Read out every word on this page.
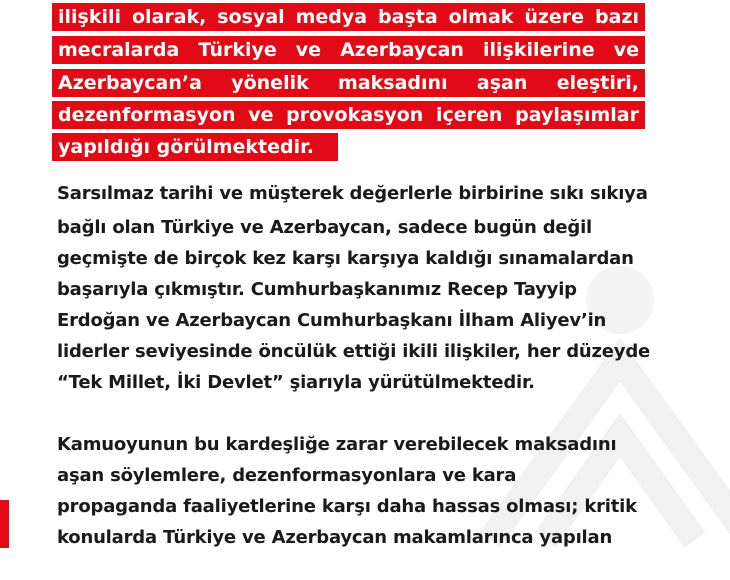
ilişkili olarak, sosyal medya başta olmak üzere bazı
mecralarda Türkiye ve Azerbaycan ilişkilerine ve
Azerbaycan’a yönelik maksadını aşan eleştiri,
dezenformasyon ve provokasyon içeren paylaşımlar
yapıldığı görülmektedir.
Sarsılmaz tarihi ve müşterek değerlerle birbirine sıkı sıkıya
bağlı olan Türkiye ve Azerbaycan, sadece bugün değil
geçmişte de birçok kez karşı karşıya kaldığı sınamalardan
başarıyla çıkmıştır. Cumhurbaşkanımız Recep Tayyip
Erdoğan ve Azerbaycan Cumhurbaşkanı İlham Aliyev’in
liderler seviyesinde öncülük ettiği ikili ilişkiler, her düzeyde
“Tek Millet, İki Devlet” şiarıyla yürütülmektedir.
Kamuoyunun bu kardeşliğe zarar verebilecek maksadını
aşan söylemlere, dezenformasyonlara ve kara
propaganda faaliyetlerine karşı daha hassas olması; kritik
konularda Türkiye ve Azerbaycan makamlarınca yapılan
